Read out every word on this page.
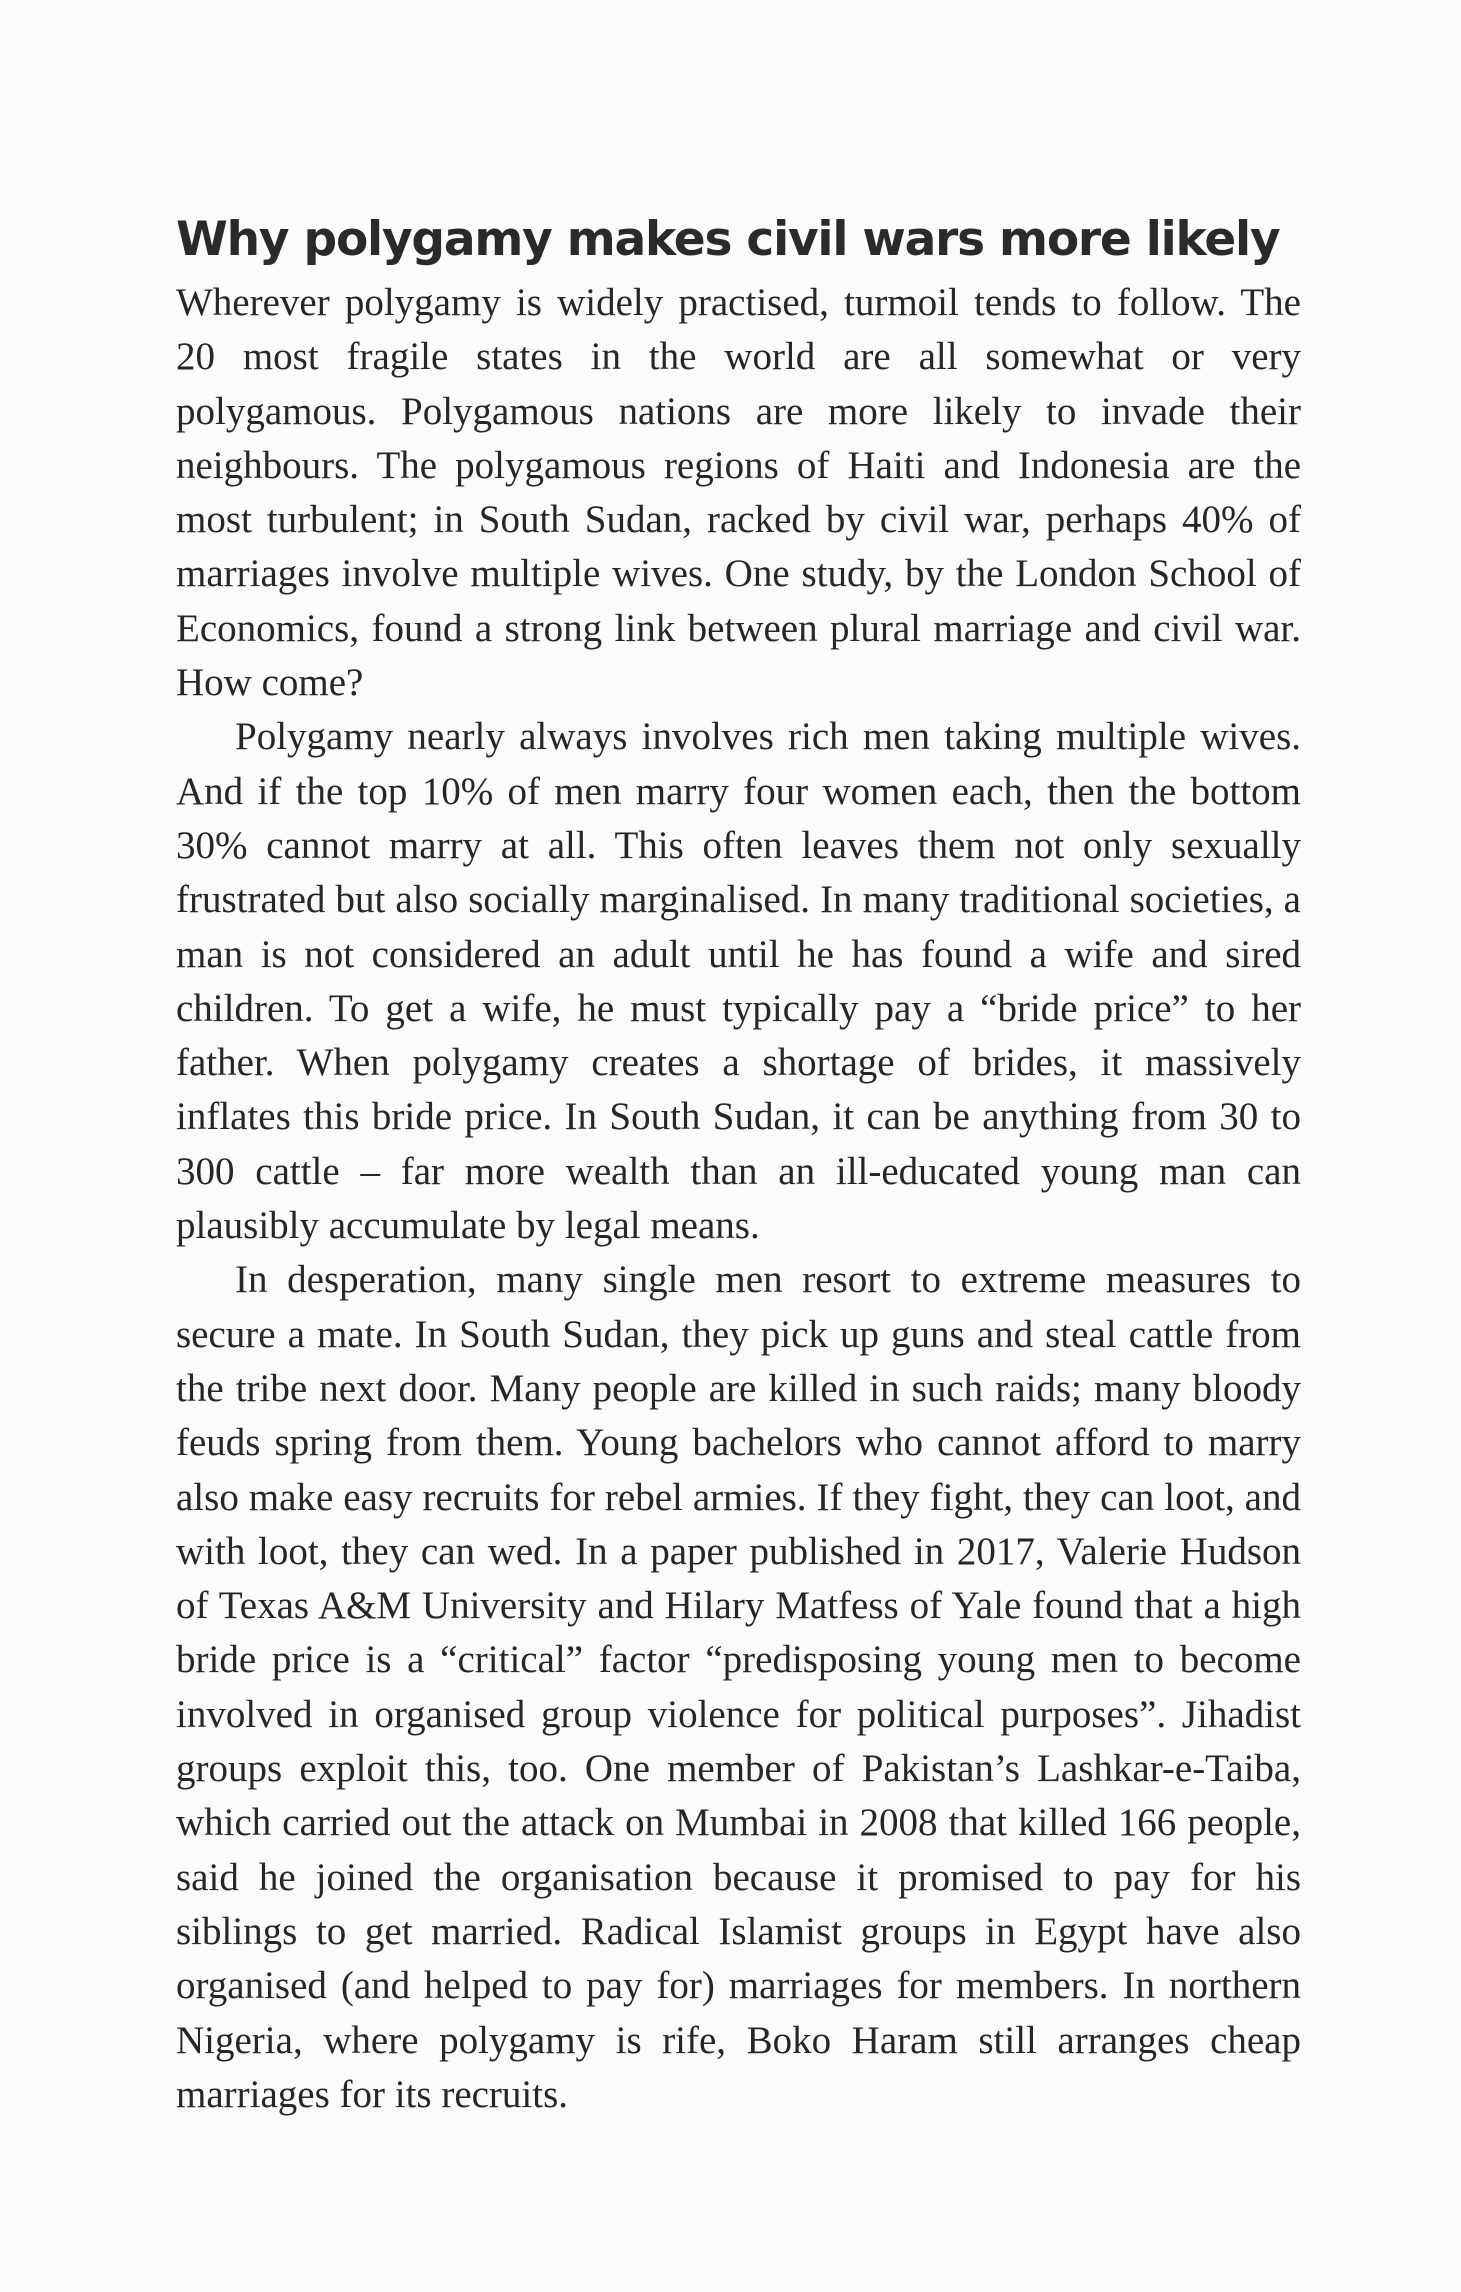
Why polygamy makes civil wars more likely

Wherever polygamy is widely practised, turmoil tends to follow. The 20 most fragile states in the world are all somewhat or very polygamous. Polygamous nations are more likely to invade their neighbours. The polygamous regions of Haiti and Indonesia are the most turbulent; in South Sudan, racked by civil war, perhaps 40% of marriages involve multiple wives. One study, by the London School of Economics, found a strong link between plural marriage and civil war. How come?

Polygamy nearly always involves rich men taking multiple wives. And if the top 10% of men marry four women each, then the bottom 30% cannot marry at all. This often leaves them not only sexually frustrated but also socially marginalised. In many traditional societies, a man is not considered an adult until he has found a wife and sired children. To get a wife, he must typically pay a “bride price” to her father. When polygamy creates a shortage of brides, it massively inflates this bride price. In South Sudan, it can be anything from 30 to 300 cattle – far more wealth than an ill-educated young man can plausibly accumulate by legal means.

In desperation, many single men resort to extreme measures to secure a mate. In South Sudan, they pick up guns and steal cattle from the tribe next door. Many people are killed in such raids; many bloody feuds spring from them. Young bachelors who cannot afford to marry also make easy recruits for rebel armies. If they fight, they can loot, and with loot, they can wed. In a paper published in 2017, Valerie Hudson of Texas A&M University and Hilary Matfess of Yale found that a high bride price is a “critical” factor “predisposing young men to become involved in organised group violence for political purposes”. Jihadist groups exploit this, too. One member of Pakistan’s Lashkar-e-Taiba, which carried out the attack on Mumbai in 2008 that killed 166 people, said he joined the organisation because it promised to pay for his siblings to get married. Radical Islamist groups in Egypt have also organised (and helped to pay for) marriages for members. In northern Nigeria, where polygamy is rife, Boko Haram still arranges cheap marriages for its recruits.
